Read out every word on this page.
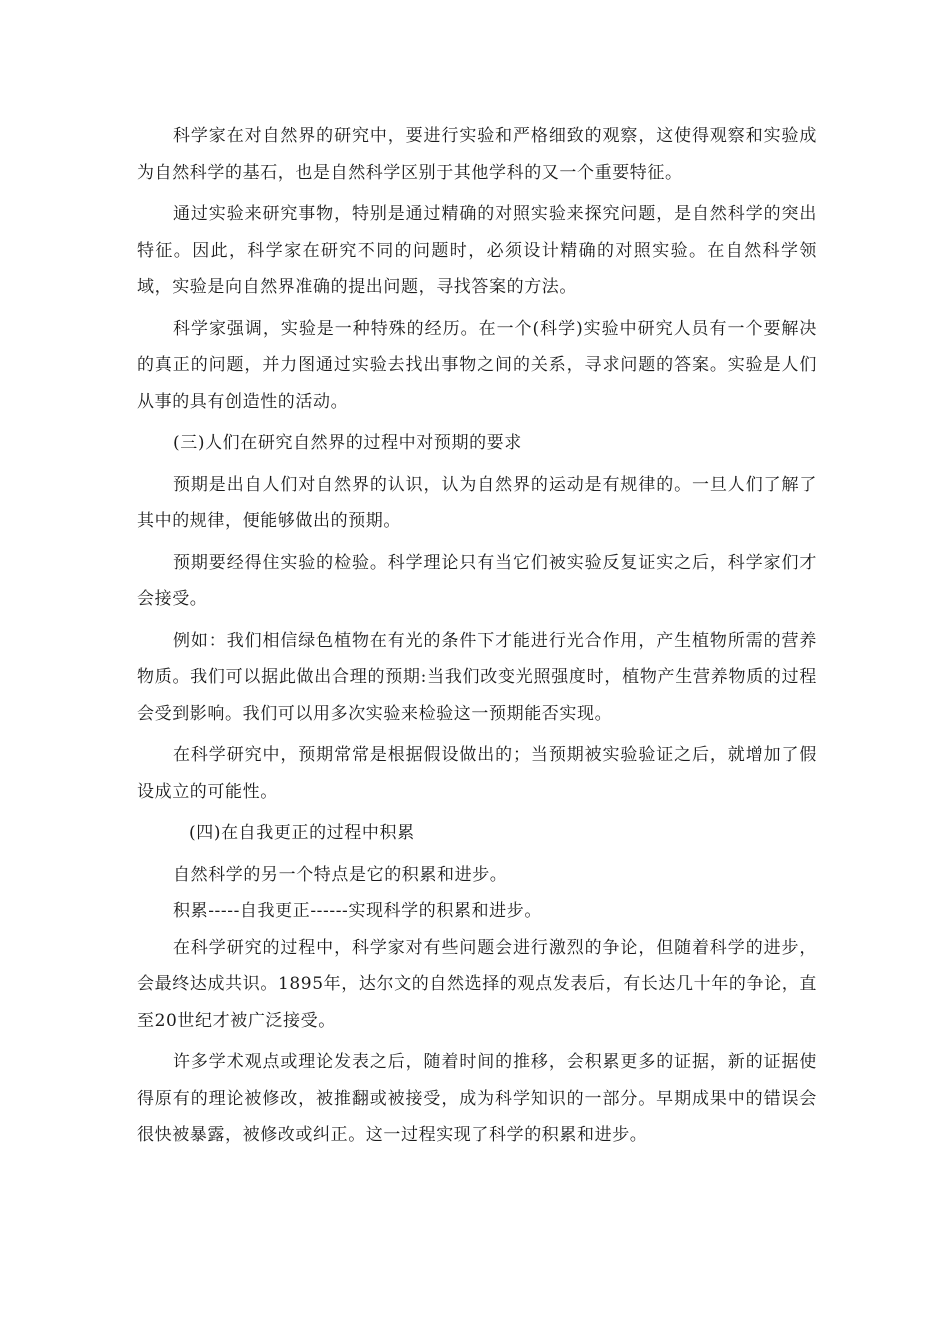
科学家在对自然界的研究中，要进行实验和严格细致的观察，这使得观察和实验成为自然科学的基石，也是自然科学区别于其他学科的又一个重要特征。

通过实验来研究事物，特别是通过精确的对照实验来探究问题，是自然科学的突出特征。因此，科学家在研究不同的问题时，必须设计精确的对照实验。在自然科学领域，实验是向自然界准确的提出问题，寻找答案的方法。

科学家强调，实验是一种特殊的经历。在一个(科学)实验中研究人员有一个要解决的真正的问题，并力图通过实验去找出事物之间的关系，寻求问题的答案。实验是人们从事的具有创造性的活动。

(三)人们在研究自然界的过程中对预期的要求

预期是出自人们对自然界的认识，认为自然界的运动是有规律的。一旦人们了解了其中的规律，便能够做出的预期。

预期要经得住实验的检验。科学理论只有当它们被实验反复证实之后，科学家们才会接受。

例如：我们相信绿色植物在有光的条件下才能进行光合作用，产生植物所需的营养物质。我们可以据此做出合理的预期:当我们改变光照强度时，植物产生营养物质的过程会受到影响。我们可以用多次实验来检验这一预期能否实现。

在科学研究中，预期常常是根据假设做出的；当预期被实验验证之后，就增加了假设成立的可能性。

(四)在自我更正的过程中积累

自然科学的另一个特点是它的积累和进步。

积累-----自我更正------实现科学的积累和进步。

在科学研究的过程中，科学家对有些问题会进行激烈的争论，但随着科学的进步，会最终达成共识。1895年，达尔文的自然选择的观点发表后，有长达几十年的争论，直至20世纪才被广泛接受。

许多学术观点或理论发表之后，随着时间的推移，会积累更多的证据，新的证据使得原有的理论被修改，被推翻或被接受，成为科学知识的一部分。早期成果中的错误会很快被暴露，被修改或纠正。这一过程实现了科学的积累和进步。
